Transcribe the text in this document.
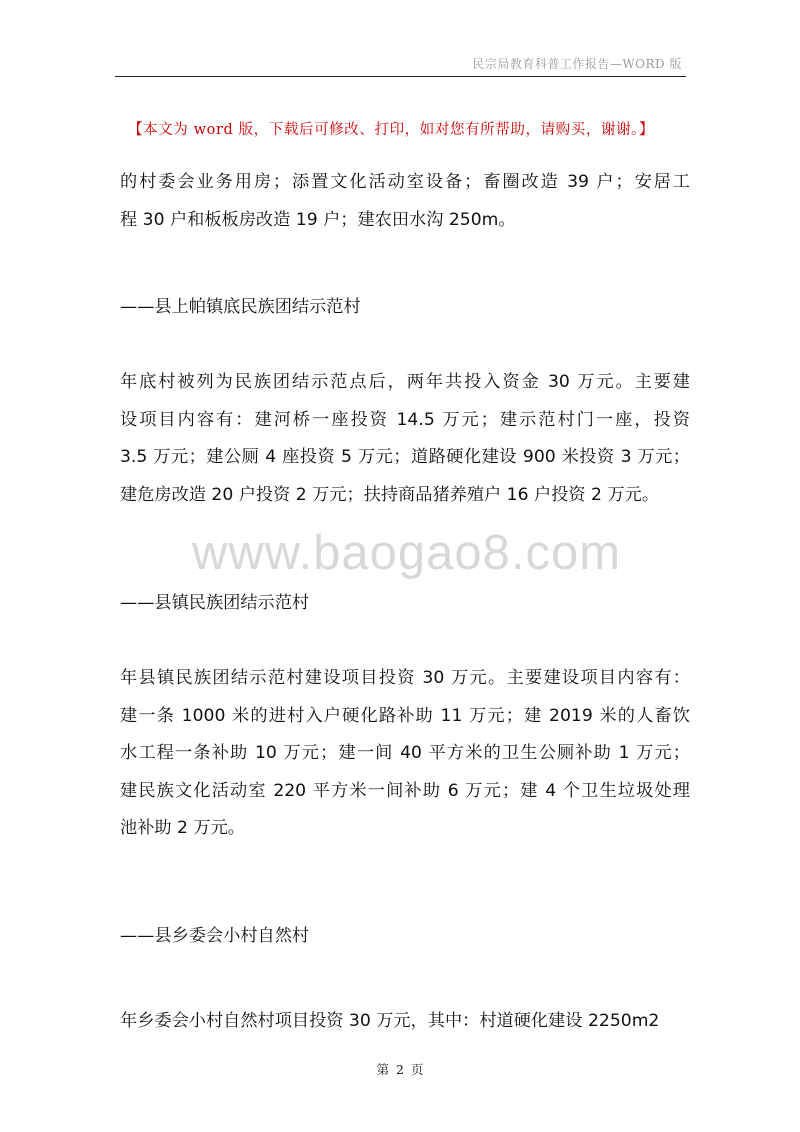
民宗局教育科普工作报告—WORD 版
【本文为 word 版，下载后可修改、打印，如对您有所帮助，请购买，谢谢。】
www.baogao8.com
的村委会业务用房；添置文化活动室设备；畜圈改造 39 户；安居工
程 30 户和板板房改造 19 户；建农田水沟 250m。
——县上帕镇底民族团结示范村
年底村被列为民族团结示范点后，两年共投入资金 30 万元。主要建
设项目内容有：建河桥一座投资 14.5 万元；建示范村门一座，投资
3.5 万元；建公厕 4 座投资 5 万元；道路硬化建设 900 米投资 3 万元；
建危房改造 20 户投资 2 万元；扶持商品猪养殖户 16 户投资 2 万元。
——县镇民族团结示范村
年县镇民族团结示范村建设项目投资 30 万元。主要建设项目内容有：
建一条 1000 米的进村入户硬化路补助 11 万元；建 2019 米的人畜饮
水工程一条补助 10 万元；建一间 40 平方米的卫生公厕补助 1 万元；
建民族文化活动室 220 平方米一间补助 6 万元；建 4 个卫生垃圾处理
池补助 2 万元。
——县乡委会小村自然村
年乡委会小村自然村项目投资 30 万元，其中：村道硬化建设 2250m2
第 2 页
